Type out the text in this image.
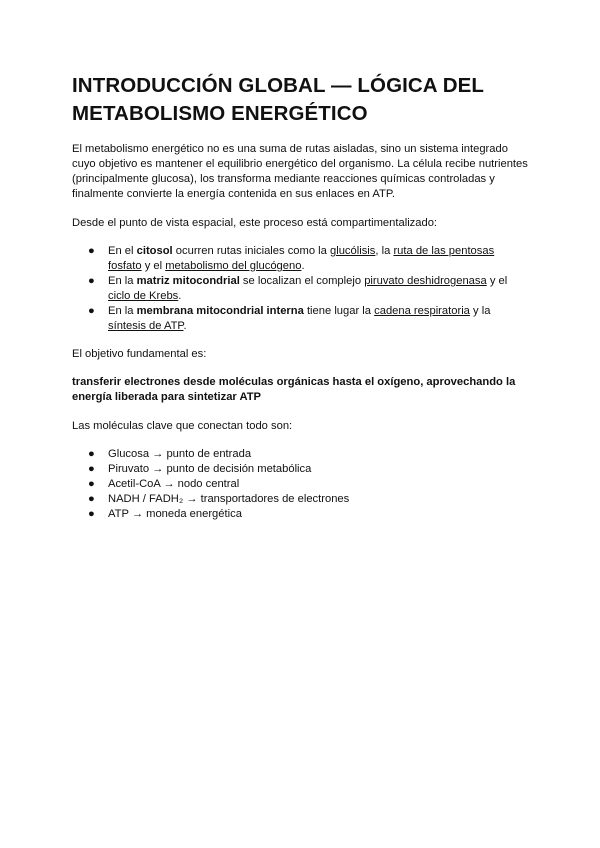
INTRODUCCIÓN GLOBAL — LÓGICA DEL METABOLISMO ENERGÉTICO

El metabolismo energético no es una suma de rutas aisladas, sino un sistema integrado cuyo objetivo es mantener el equilibrio energético del organismo. La célula recibe nutrientes (principalmente glucosa), los transforma mediante reacciones químicas controladas y finalmente convierte la energía contenida en sus enlaces en ATP.

Desde el punto de vista espacial, este proceso está compartimentalizado:

● En el citosol ocurren rutas iniciales como la glucólisis, la ruta de las pentosas fosfato y el metabolismo del glucógeno.
● En la matriz mitocondrial se localizan el complejo piruvato deshidrogenasa y el ciclo de Krebs.
● En la membrana mitocondrial interna tiene lugar la cadena respiratoria y la síntesis de ATP.

El objetivo fundamental es:

transferir electrones desde moléculas orgánicas hasta el oxígeno, aprovechando la energía liberada para sintetizar ATP

Las moléculas clave que conectan todo son:

● Glucosa → punto de entrada
● Piruvato → punto de decisión metabólica
● Acetil-CoA → nodo central
● NADH / FADH₂ → transportadores de electrones
● ATP → moneda energética
